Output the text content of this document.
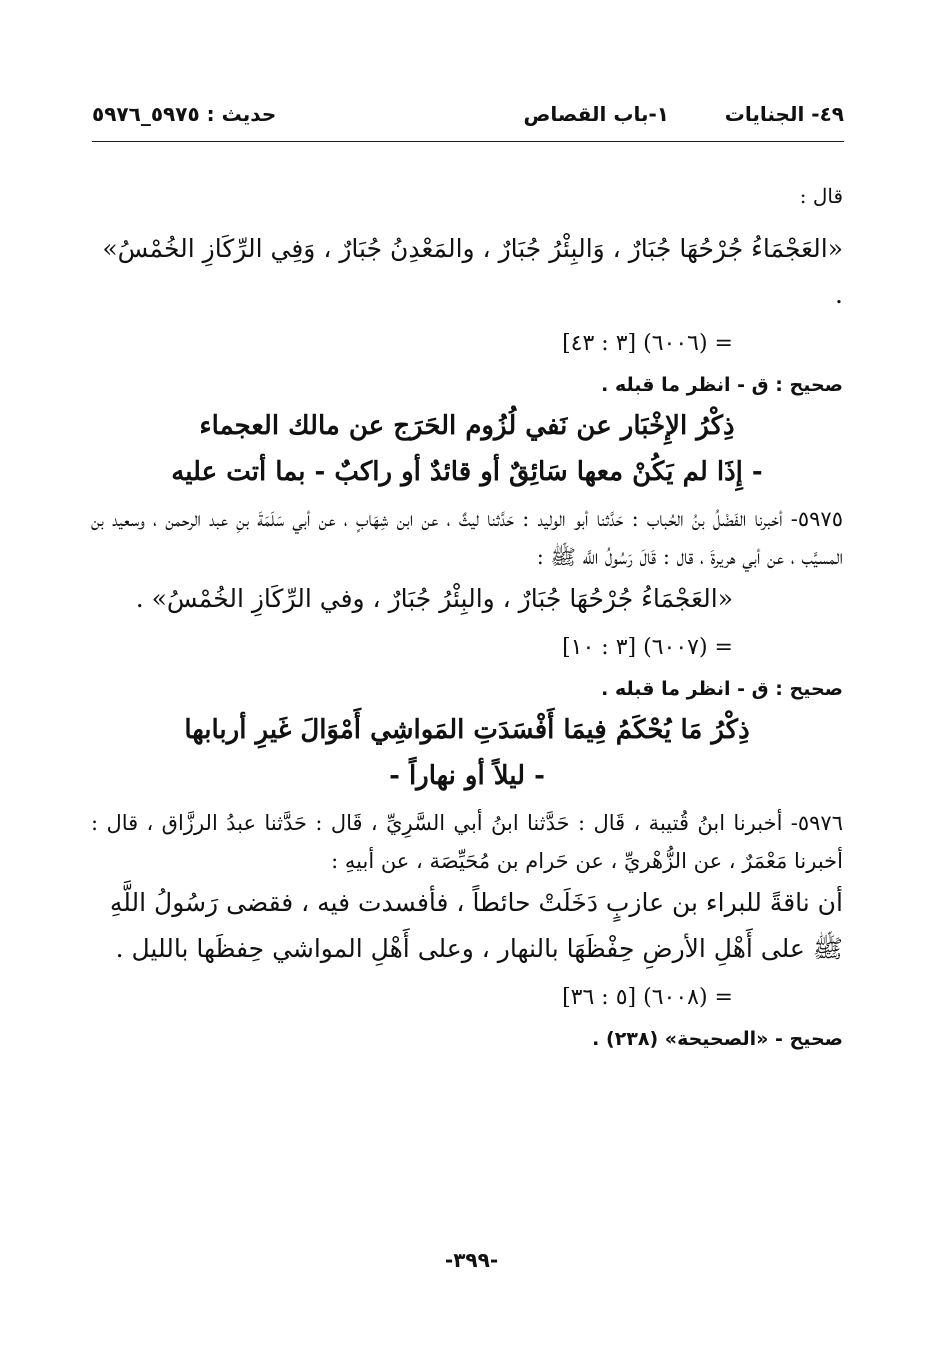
٤٩- الجنايات
١-باب القصاص
حديث : ٥٩٧٥_٥٩٧٦

قال :

«العَجْمَاءُ جُرْحُهَا جُبَارٌ ، وَالبِئْرُ جُبَارٌ ، والمَعْدِنُ جُبَارٌ ، وَفِي الرِّكَازِ الخُمْسُ» .

= (٦٠٠٦) [٣ : ٤٣]

صحيح : ق - انظر ما قبله .

ذِكْرُ الإِخْبَار عن نَفي لُزُوم الحَرَج عن مالك العجماء

- إِذَا لم يَكُنْ معها سَائِقٌ أو قائدٌ أو راكبٌ - بما أتت عليه

٥٩٧٥- أخبرنا الفَضْلُ بنُ الحُباب : حَدَّثنا أبو الوليد : حَدَّثنا ليثٌ ، عن ابن شِهَابٍ ، عن أبي سَلَمَةَ بنِ عبد الرحمن ، وسعيد بن المسيَّب ، عن أبي هريرةَ ، قال : قَالَ رَسُولُ اللَّه ﷺ :

«العَجْمَاءُ جُرْحُهَا جُبَارٌ ، والبِئْرُ جُبَارٌ ، وفي الرِّكَازِ الخُمْسُ» .

= (٦٠٠٧) [٣ : ١٠]

صحيح : ق - انظر ما قبله .

ذِكْرُ مَا يُحْكَمُ فِيمَا أَفْسَدَتِ المَواشِي أَمْوَالَ غَيرِ أربابها

- ليلاً أو نهاراً -

٥٩٧٦- أخبرنا ابنُ قُتيبة ، قَال : حَدَّثنا ابنُ أبي السَّرِيِّ ، قَال : حَدَّثنا عبدُ الرزَّاق ، قال : أخبرنا مَعْمَرٌ ، عن الزُّهْريِّ ، عن حَرام بن مُحَيِّصَة ، عن أبيهِ :

أن ناقةً للبراء بن عازبٍ دَخَلَتْ حائطاً ، فأفسدت فيه ، فقضى رَسُولُ اللَّهِ ﷺ على أَهْلِ الأرضِ حِفْظَهَا بالنهار ، وعلى أَهْلِ المواشي حِفظَها بالليل .

= (٦٠٠٨) [٥ : ٣٦]

صحيح - «الصحيحة» (٢٣٨) .

-٣٩٩-
